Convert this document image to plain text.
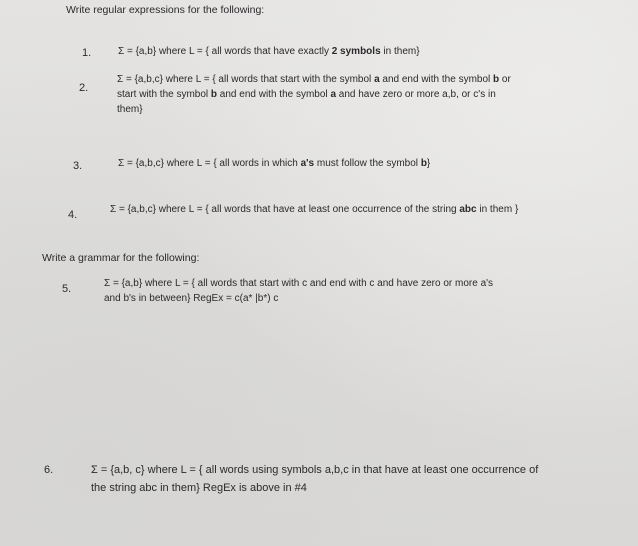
Write regular expressions for the following:
1.	Σ = {a,b} where L = { all words that have exactly 2 symbols in them}
2.
Σ = {a,b,c} where L = { all words that start with the symbol a and end with the symbol b or
start with the symbol b and end with the symbol a and have zero or more a,b, or c's in
them}
3.	Σ = {a,b,c} where L = { all words in which a's must follow the symbol b}
4.	Σ = {a,b,c} where L = { all words that have at least one occurrence of the string abc in them }
Write a grammar for the following:
5.	Σ = {a,b} where L = { all words that start with c and end with c and have zero or more a's
and b's in between} RegEx = c(a* |b*) c
6.	Σ = {a,b, c} where L = { all words using symbols a,b,c in that have at least one occurrence of
the string abc in them} RegEx is above in #4
